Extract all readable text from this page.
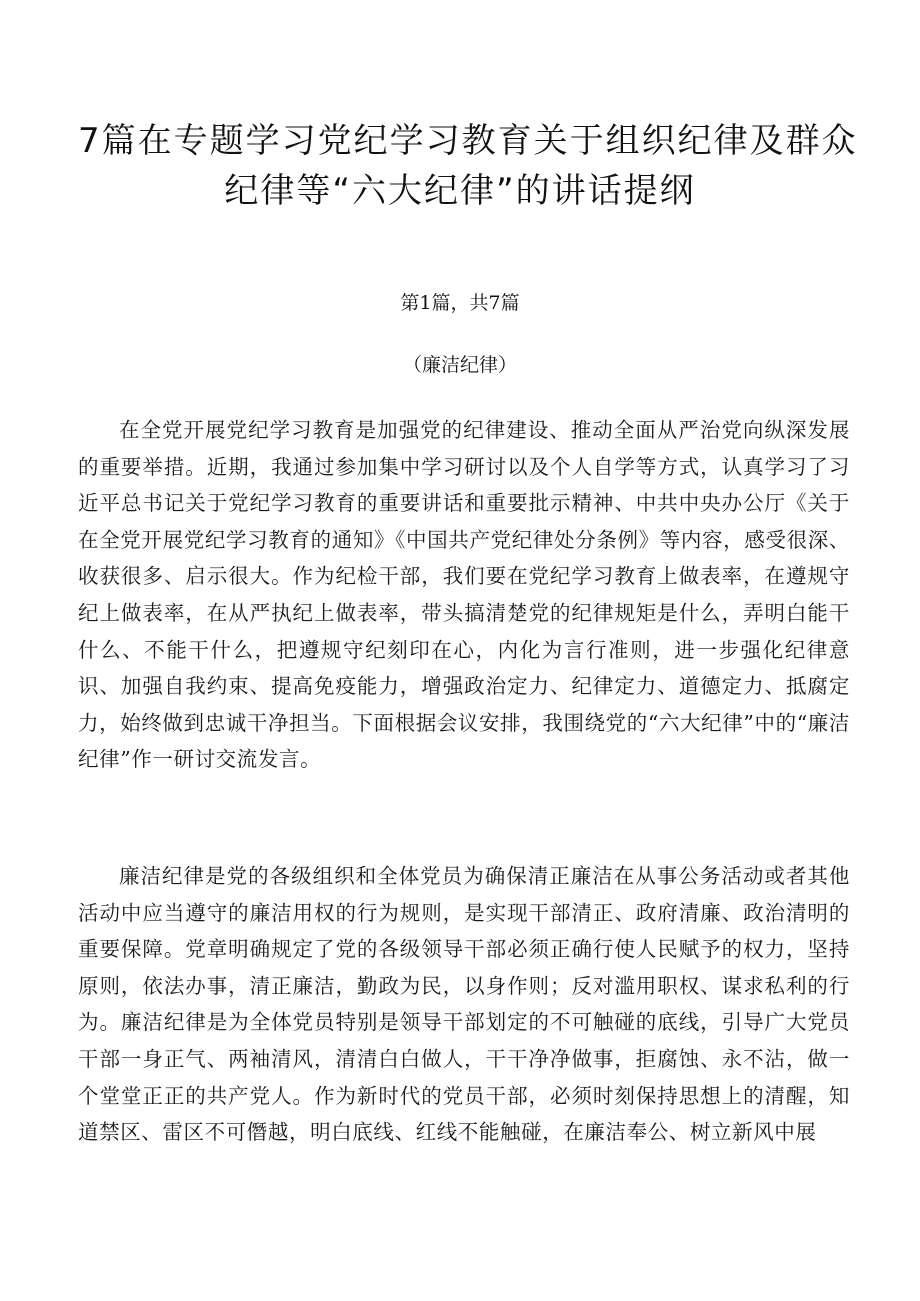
7篇在专题学习党纪学习教育关于组织纪律及群众
纪律等“六大纪律”的讲话提纲
第1篇，共7篇
（廉洁纪律）

在全党开展党纪学习教育是加强党的纪律建设、推动全面从严治党向纵深发展的重要举措。近期，我通过参加集中学习研讨以及个人自学等方式，认真学习了习近平总书记关于党纪学习教育的重要讲话和重要批示精神、中共中央办公厅《关于在全党开展党纪学习教育的通知》《中国共产党纪律处分条例》等内容，感受很深、收获很多、启示很大。作为纪检干部，我们要在党纪学习教育上做表率，在遵规守纪上做表率，在从严执纪上做表率，带头搞清楚党的纪律规矩是什么，弄明白能干什么、不能干什么，把遵规守纪刻印在心，内化为言行准则，进一步强化纪律意识、加强自我约束、提高免疫能力，增强政治定力、纪律定力、道德定力、抵腐定力，始终做到忠诚干净担当。下面根据会议安排，我围绕党的“六大纪律”中的“廉洁纪律”作一研讨交流发言。

廉洁纪律是党的各级组织和全体党员为确保清正廉洁在从事公务活动或者其他活动中应当遵守的廉洁用权的行为规则，是实现干部清正、政府清廉、政治清明的重要保障。党章明确规定了党的各级领导干部必须正确行使人民赋予的权力，坚持原则，依法办事，清正廉洁，勤政为民，以身作则；反对滥用职权、谋求私利的行为。廉洁纪律是为全体党员特别是领导干部划定的不可触碰的底线，引导广大党员干部一身正气、两袖清风，清清白白做人，干干净净做事，拒腐蚀、永不沾，做一个堂堂正正的共产党人。作为新时代的党员干部，必须时刻保持思想上的清醒，知道禁区、雷区不可僭越，明白底线、红线不能触碰，在廉洁奉公、树立新风中展
